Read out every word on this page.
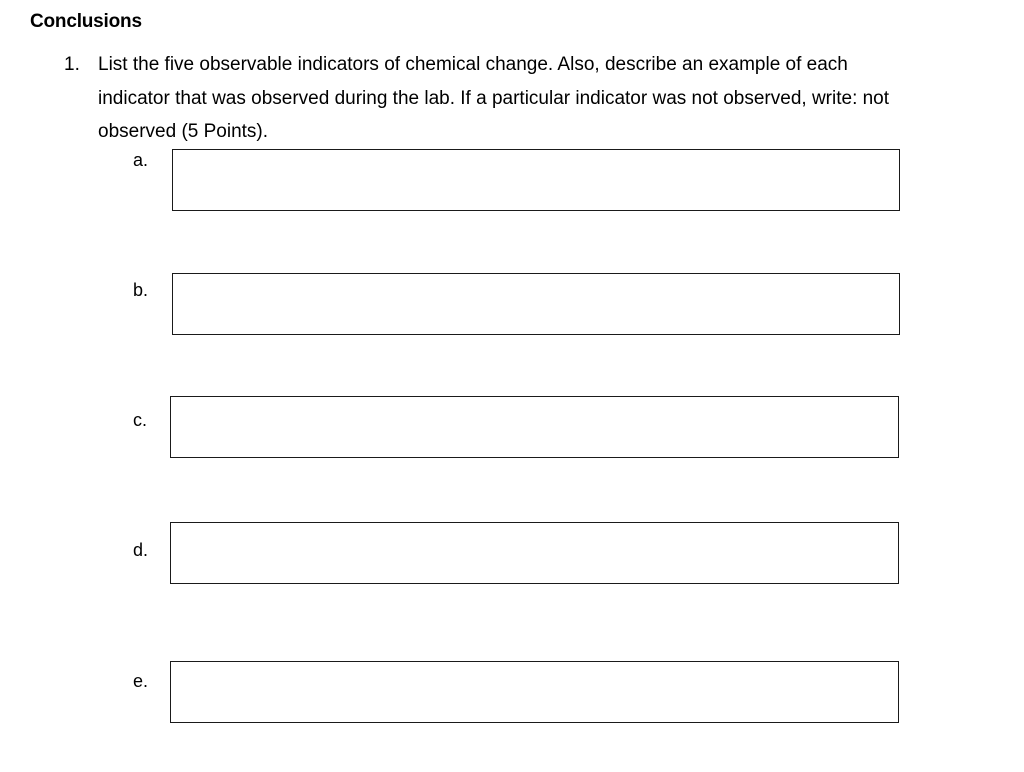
Conclusions
1. List the five observable indicators of chemical change. Also, describe an example of each indicator that was observed during the lab. If a particular indicator was not observed, write: not observed (5 Points).
a.
b.
c.
d.
e.
